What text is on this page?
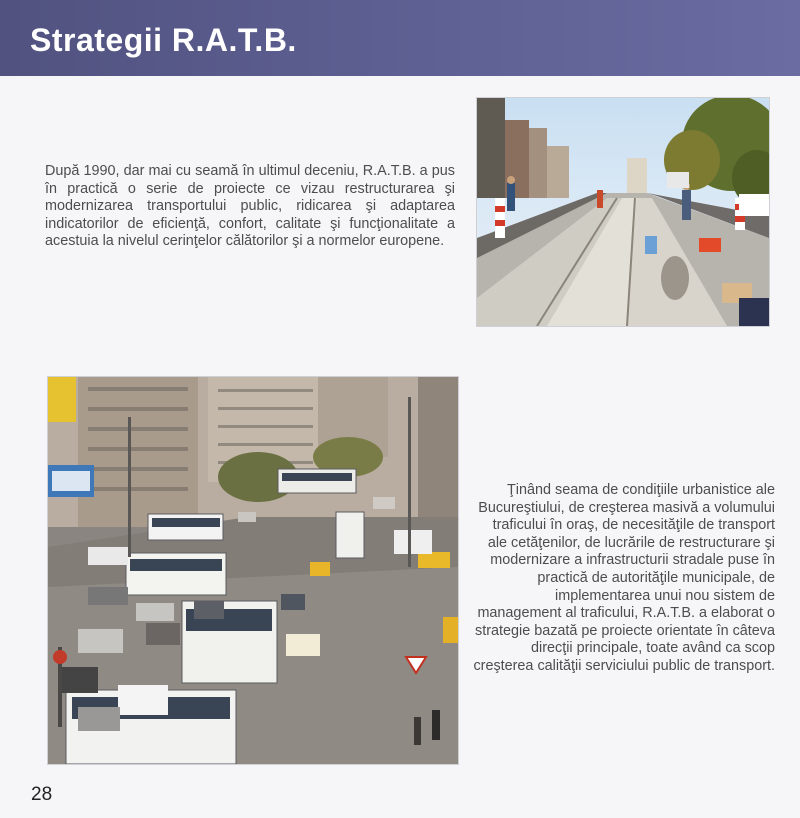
Strategii R.A.T.B.

După 1990, dar mai cu seamă în ultimul deceniu, R.A.T.B. a pus în practică o serie de proiecte ce vizau restructurarea şi modernizarea transportului public, ridicarea şi adaptarea indicatorilor de eficienţă, confort, calitate şi funcţionalitate a acestuia la nivelul cerinţelor călătorilor şi a normelor europene.

Ţinând seama de condiţiile urbanistice ale Bucureştiului, de creşterea masivă a volumului traficului în oraş, de necesităţile de transport ale cetăţenilor, de lucrările de restructurare şi modernizare a infrastructurii stradale puse în practică de autorităţile municipale, de implementarea unui nou sistem de management al traficului, R.A.T.B. a elaborat o strategie bazată pe proiecte orientate în câteva direcţii principale, toate având ca scop creşterea calităţii serviciului public de transport.

28
